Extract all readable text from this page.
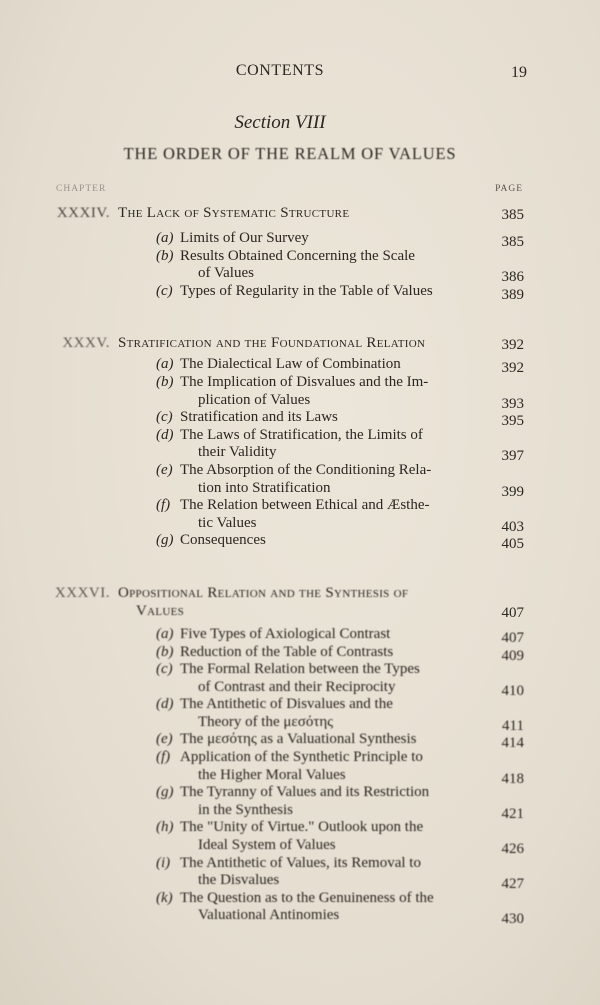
CONTENTS	19
Section VIII
THE ORDER OF THE REALM OF VALUES
CHAPTER	PAGE
XXXIV. The Lack of Systematic Structure	385
(a) Limits of Our Survey	385
(b) Results Obtained Concerning the Scale
of Values	386
(c) Types of Regularity in the Table of Values	389
XXXV. Stratification and the Foundational Relation	392
(a) The Dialectical Law of Combination	392
(b) The Implication of Disvalues and the Im-
plication of Values	393
(c) Stratification and its Laws	395
(d) The Laws of Stratification, the Limits of
their Validity	397
(e) The Absorption of the Conditioning Rela-
tion into Stratification	399
(f) The Relation between Ethical and Æsthe-
tic Values	403
(g) Consequences	405
XXXVI. Oppositional Relation and the Synthesis of
Values	407
(a) Five Types of Axiological Contrast	407
(b) Reduction of the Table of Contrasts	409
(c) The Formal Relation between the Types
of Contrast and their Reciprocity	410
(d) The Antithetic of Disvalues and the
Theory of the μεσότης	411
(e) The μεσότης as a Valuational Synthesis	414
(f) Application of the Synthetic Principle to
the Higher Moral Values	418
(g) The Tyranny of Values and its Restriction
in the Synthesis	421
(h) The "Unity of Virtue." Outlook upon the
Ideal System of Values	426
(i) The Antithetic of Values, its Removal to
the Disvalues	427
(k) The Question as to the Genuineness of the
Valuational Antinomies	430
